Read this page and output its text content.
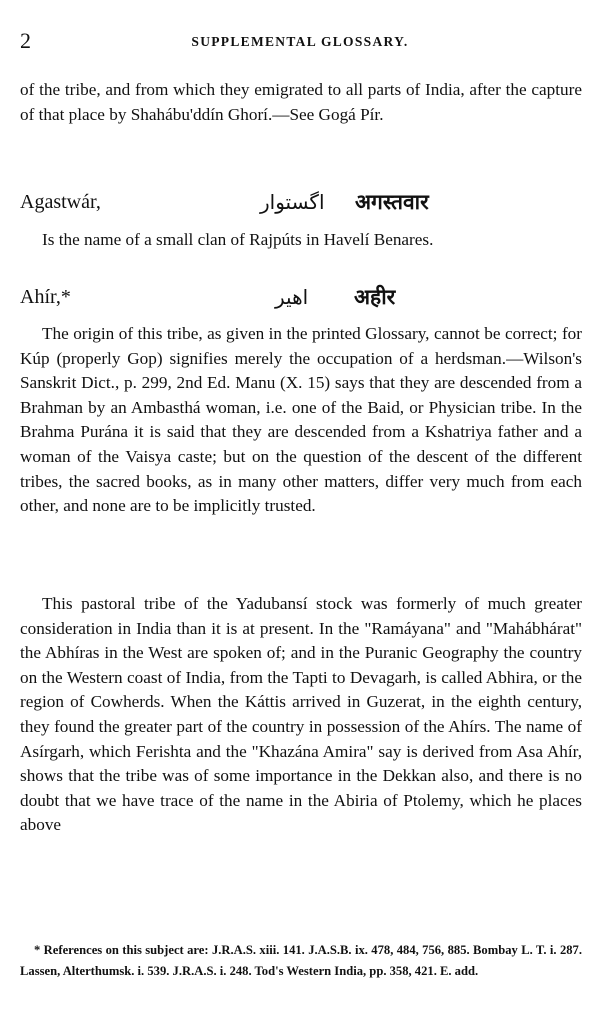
2	SUPPLEMENTAL GLOSSARY.

of the tribe, and from which they emigrated to all parts of India, after the capture of that place by Shahábu'ddín Ghorí.—See Gogá Pír.

Agastwár,	اگستوار अगस्तवार

Is the name of a small clan of Rajpúts in Havelí Benares.

Ahír,*	اهیر अहीर

The origin of this tribe, as given in the printed Glossary, cannot be correct; for Kúp (properly Gop) signifies merely the occupation of a herdsman.—Wilson's Sanskrit Dict., p. 299, 2nd Ed. Manu (X. 15) says that they are descended from a Brahman by an Ambasthá woman, i.e. one of the Baid, or Physician tribe. In the Brahma Purána it is said that they are descended from a Kshatriya father and a woman of the Vaisya caste; but on the question of the descent of the different tribes, the sacred books, as in many other matters, differ very much from each other, and none are to be implicitly trusted.

This pastoral tribe of the Yadubansí stock was formerly of much greater consideration in India than it is at present. In the "Ramáyana" and "Mahábhárat" the Abhíras in the West are spoken of; and in the Puranic Geography the country on the Western coast of India, from the Tapti to Devagarh, is called Abhira, or the region of Cowherds. When the Káttis arrived in Guzerat, in the eighth century, they found the greater part of the country in possession of the Ahírs. The name of Asírgarh, which Ferishta and the "Khazána Amira" say is derived from Asa Ahír, shows that the tribe was of some importance in the Dekkan also, and there is no doubt that we have trace of the name in the Abiria of Ptolemy, which he places above

* References on this subject are: J.R.A.S. xiii. 141. J.A.S.B. ix. 478, 484, 756, 885. Bombay L. T. i. 287. Lassen, Alterthumsk. i. 539. J.R.A.S. i. 248. Tod's Western India, pp. 358, 421. E. add.
